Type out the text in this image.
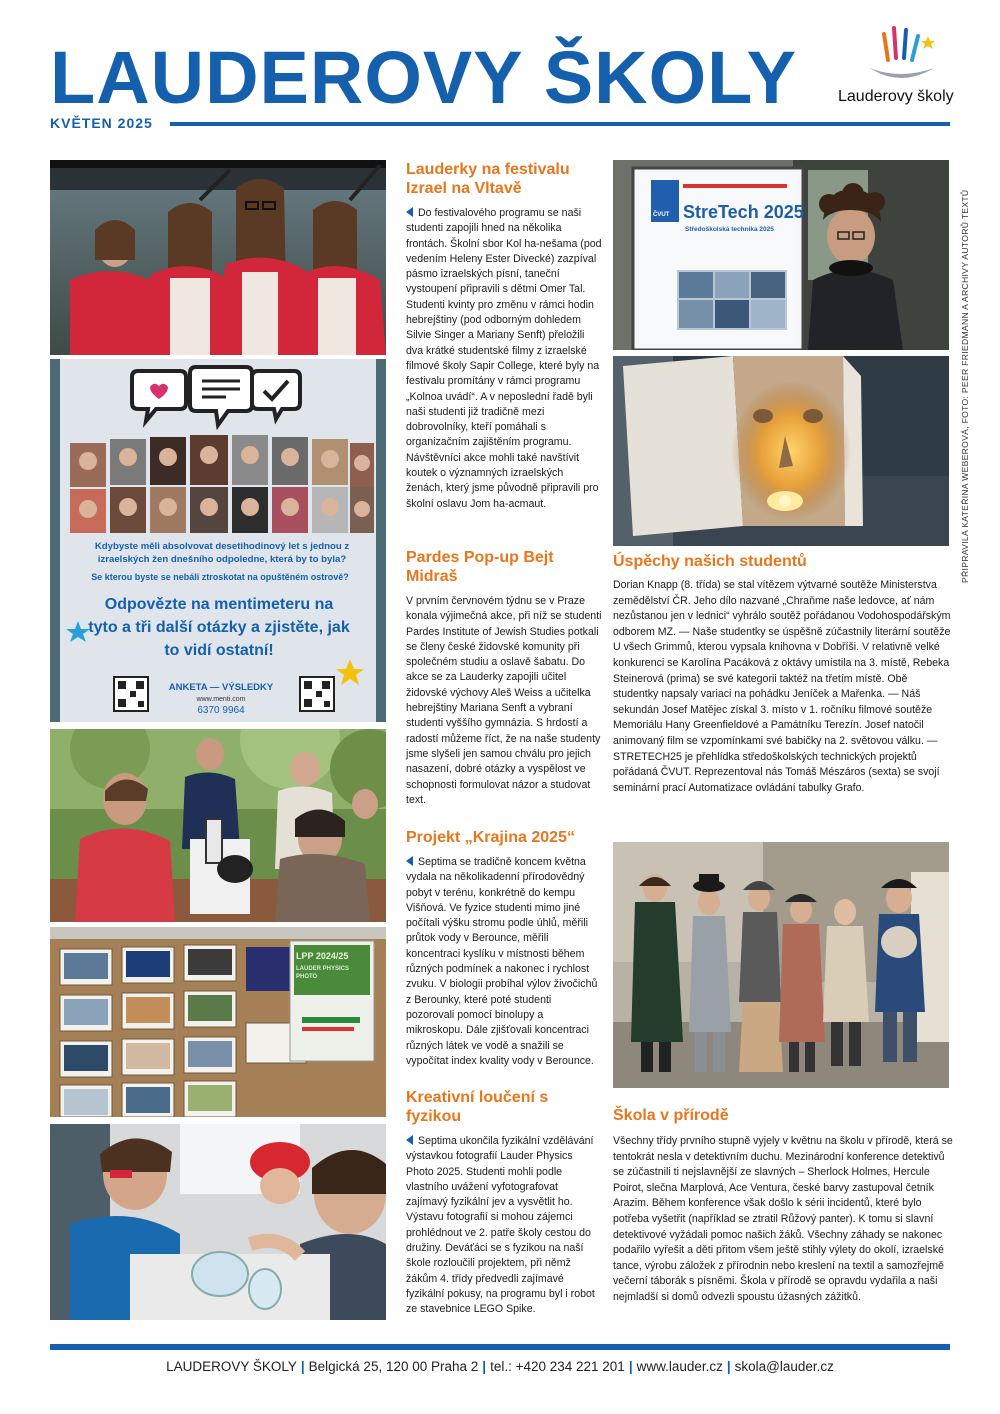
LAUDEROVY ŠKOLY	Lauderovy školy
KVĚTEN 2025
Kdybyste měli absolvovat desetihodinový let s jednou z izraelských žen dnešního odpoledne, která by to byla?
Se kterou byste se nebáli ztroskotat na opuštěném ostrově?
Odpovězte na mentimeteru na tyto a tři další otázky a zjistěte, jak to vidí ostatní!
ANKETA — VÝSLEDKY
www.menti.com
6370 9964
LPP 2024/25
LAUDER PHYSICS PHOTO
Lauderky na festivalu Izrael na Vltavě
Do festivalového programu se naši studenti zapojili hned na několika frontách. Školní sbor Kol ha-nešama (pod vedením Heleny Ester Divecké) zazpíval pásmo izraelských písní, taneční vystoupení připravili s dětmi Omer Tal. Studenti kvinty pro změnu v rámci hodin hebrejštiny (pod odborným dohledem Silvie Singer a Mariany Senft) přeložili dva krátké studentské filmy z izraelské filmové školy Sapir College, které byly na festivalu promítány v rámci programu „Kolnoa uvádí“. A v neposlední řadě byli naši studenti již tradičně mezi dobrovolníky, kteří pomáhali s organizačním zajištěním programu. Návštěvníci akce mohli také navštívit koutek o významných izraelských ženách, který jsme původně připravili pro školní oslavu Jom ha-acmaut.
Pardes Pop-up Bejt Midraš
V prvním červnovém týdnu se v Praze konala výjimečná akce, při níž se studenti Pardes Institute of Jewish Studies potkali se členy české židovské komunity při společném studiu a oslavě šabatu. Do akce se za Lauderky zapojili učitel židovské výchovy Aleš Weiss a učitelka hebrejštiny Mariana Senft a vybraní studenti vyššího gymnázia. S hrdostí a radostí můžeme říct, že na naše studenty jsme slyšeli jen samou chválu pro jejich nasazení, dobré otázky a vyspělost ve schopnosti formulovat názor a studovat text.
Projekt „Krajina 2025“
Septima se tradičně koncem května vydala na několikadenní přírodovědný pobyt v terénu, konkrétně do kempu Višňová. Ve fyzice studenti mimo jiné počítali výšku stromu podle úhlů, měřili průtok vody v Berounce, měřili koncentraci kyslíku v místnosti během různých podmínek a nakonec i rychlost zvuku. V biologii probíhal výlov živočichů z Berounky, které poté studenti pozorovali pomocí binolupy a mikroskopu. Dále zjišťovali koncentraci různých látek ve vodě a snažili se vypočítat index kvality vody v Berounce.
Kreativní loučení s fyzikou
Septima ukončila fyzikální vzdělávání výstavkou fotografií Lauder Physics Photo 2025. Studenti mohli podle vlastního uvážení vyfotografovat zajímavý fyzikální jev a vysvětlit ho. Výstavu fotografií si mohou zájemci prohlédnout ve 2. patře školy cestou do družiny. Deváťáci se s fyzikou na naší škole rozloučili projektem, při němž žákům 4. třídy předvedli zajímavé fyzikální pokusy, na programu byl i robot ze stavebnice LEGO Spike.
ČVUT StreTech 2025
Středoškolská technika 2025
Úspěchy našich studentů
Dorian Knapp (8. třída) se stal vítězem výtvarné soutěže Ministerstva zemědělství ČR. Jeho dílo nazvané „Chraňme naše ledovce, ať nám nezůstanou jen v lednici“ vyhrálo soutěž pořádanou Vodohospodářským odborem MZ. — Naše studentky se úspěšně zúčastnily literární soutěže U všech Grimmů, kterou vypsala knihovna v Dobříši. V relativně velké konkurenci se Karolína Pacáková z oktávy umístila na 3. místě, Rebeka Steinerová (prima) se své kategorii taktéž na třetím místě. Obě studentky napsaly variaci na pohádku Jeníček a Mařenka. — Náš sekundán Josef Matějec získal 3. místo v 1. ročníku filmové soutěže Memoriálu Hany Greenfieldové a Památníku Terezín. Josef natočil animovaný film se vzpomínkami své babičky na 2. světovou válku. — STRETECH25 je přehlídka středoškolských technických projektů pořádaná ČVUT. Reprezentoval nás Tomáš Mészáros (sexta) se svojí seminární prací Automatizace ovládání tabulky Grafo.
Škola v přírodě
Všechny třídy prvního stupně vyjely v květnu na školu v přírodě, která se tentokrát nesla v detektivním duchu. Mezinárodní konference detektivů se zúčastnili ti nejslavnější ze slavných – Sherlock Holmes, Hercule Poirot, slečna Marplová, Ace Ventura, české barvy zastupoval četník Arazim. Během konference však došlo k sérii incidentů, které bylo potřeba vyšetřit (například se ztratil Růžový panter). K tomu si slavní detektivové vyžádali pomoc našich žáků. Všechny záhady se nakonec podařilo vyřešit a děti přitom všem ještě stihly výlety do okolí, izraelské tance, výrobu záložek z přírodnin nebo kreslení na textil a samozřejmě večerní táborák s písněmi. Škola v přírodě se opravdu vydařila a naši nejmladší si domů odvezli spoustu úžasných zážitků.
PŘIPRAVILA KATEŘINA WEBEROVÁ, FOTO: PEER FRIEDMANN A ARCHIVY AUTORŮ TEXTŮ
LAUDEROVY ŠKOLY | Belgická 25, 120 00 Praha 2 | tel.: +420 234 221 201 | www.lauder.cz | skola@lauder.cz
